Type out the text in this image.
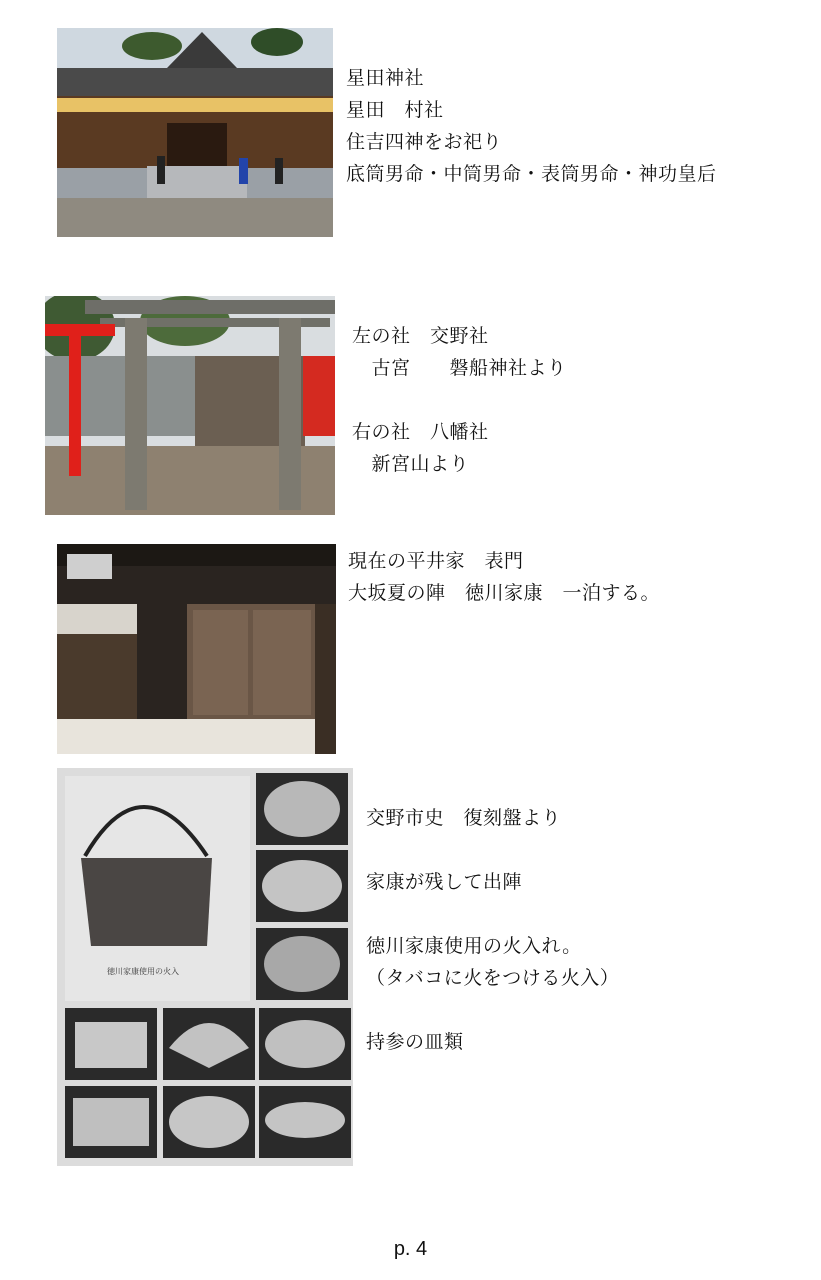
星田神社
星田　村社
住吉四神をお祀り
底筒男命・中筒男命・表筒男命・神功皇后
左の社　交野社
　古宮　　磐船神社より

右の社　八幡社
　新宮山より
現在の平井家　表門
大坂夏の陣　徳川家康　一泊する。
徳川家康使用の火入
交野市史　復刻盤より

家康が残して出陣

徳川家康使用の火入れ。
（タバコに火をつける火入）

持参の皿類
p. 4
